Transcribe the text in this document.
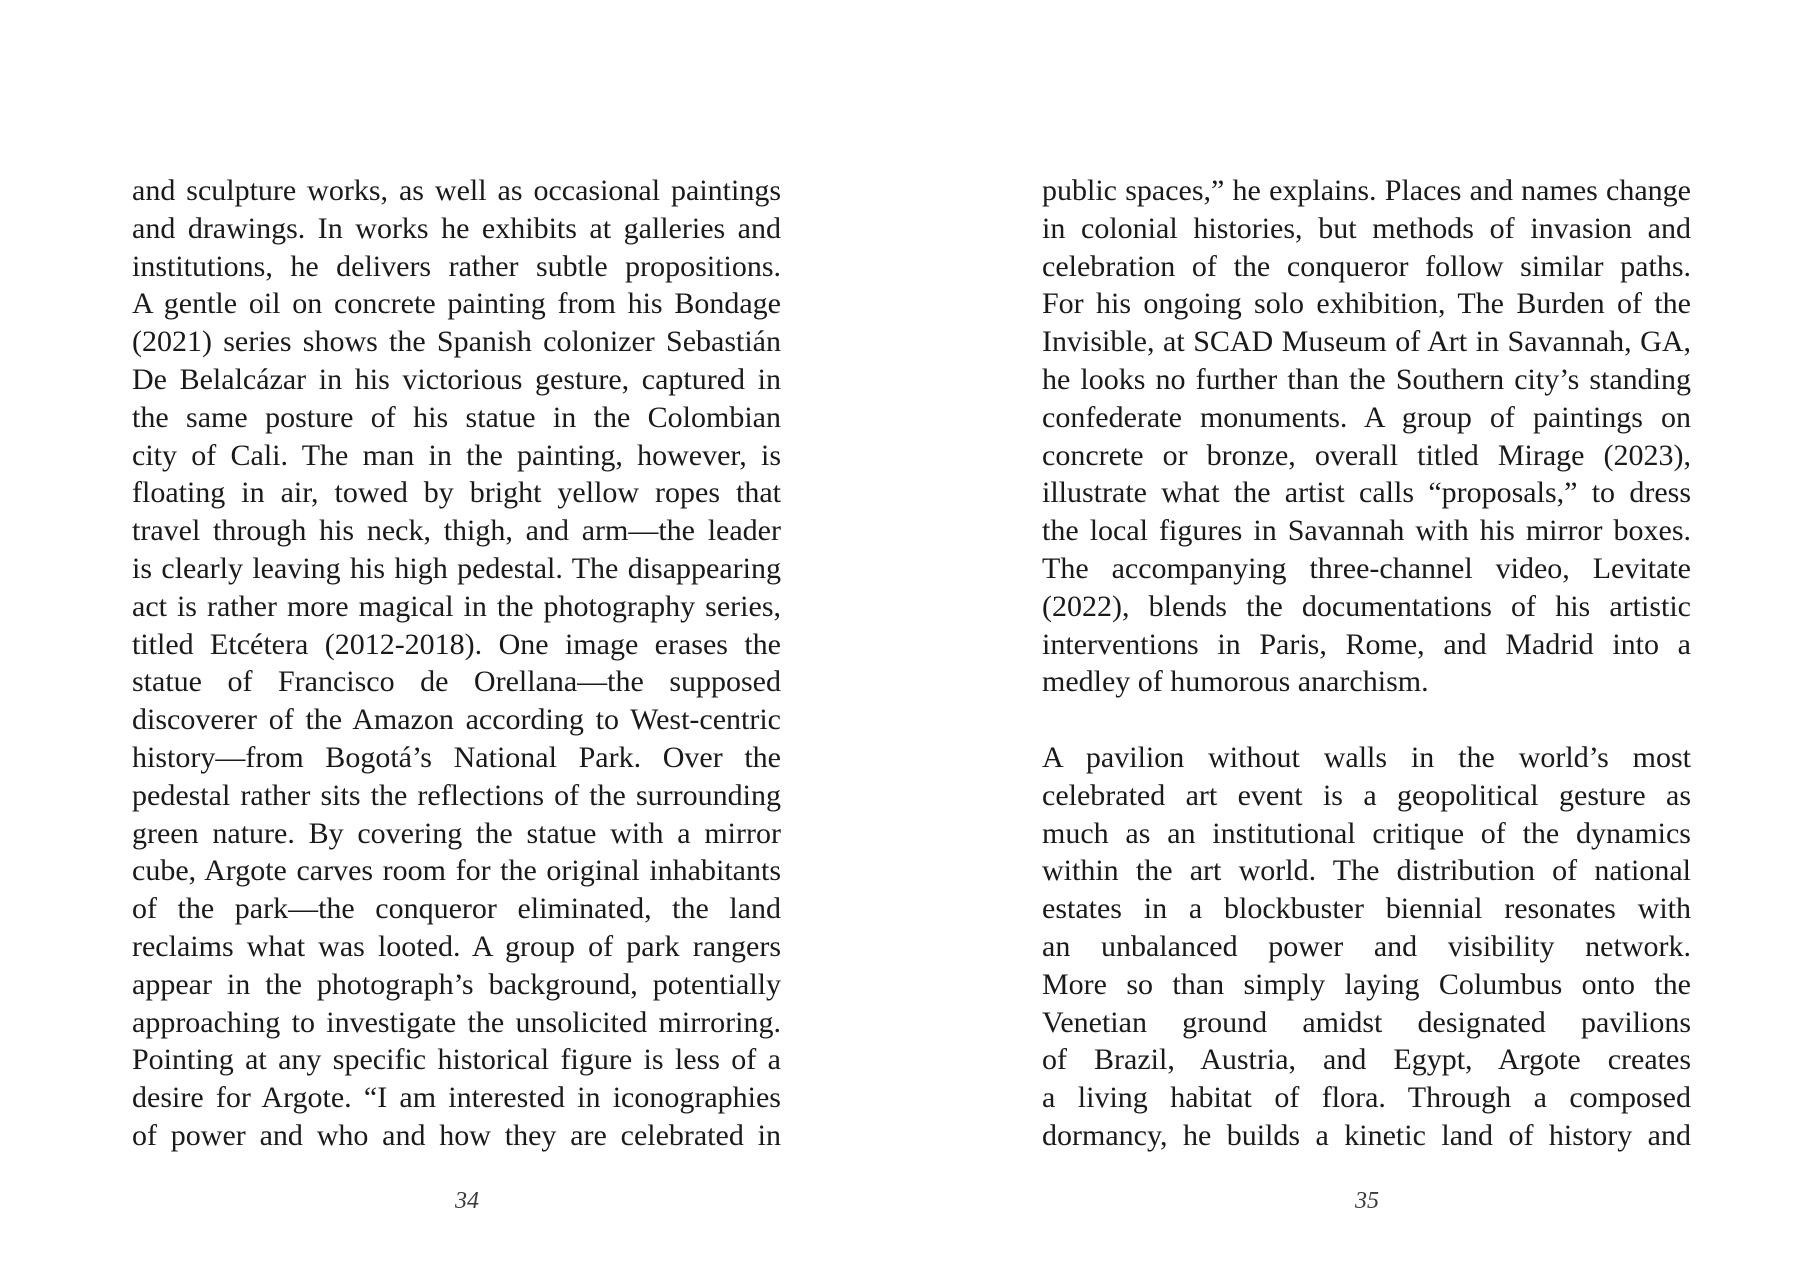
and sculpture works, as well as occasional paintings
and drawings. In works he exhibits at galleries and
institutions, he delivers rather subtle propositions.
A gentle oil on concrete painting from his Bondage
(2021) series shows the Spanish colonizer Sebastián
De Belalcázar in his victorious gesture, captured in
the same posture of his statue in the Colombian
city of Cali. The man in the painting, however, is
floating in air, towed by bright yellow ropes that
travel through his neck, thigh, and arm—the leader
is clearly leaving his high pedestal. The disappearing
act is rather more magical in the photography series,
titled Etcétera (2012-2018). One image erases the
statue of Francisco de Orellana—the supposed
discoverer of the Amazon according to West-centric
history—from Bogotá’s National Park. Over the
pedestal rather sits the reflections of the surrounding
green nature. By covering the statue with a mirror
cube, Argote carves room for the original inhabitants
of the park—the conqueror eliminated, the land
reclaims what was looted. A group of park rangers
appear in the photograph’s background, potentially
approaching to investigate the unsolicited mirroring.
Pointing at any specific historical figure is less of a
desire for Argote. “I am interested in iconographies
of power and who and how they are celebrated in
34
public spaces,” he explains. Places and names change
in colonial histories, but methods of invasion and
celebration of the conqueror follow similar paths.
For his ongoing solo exhibition, The Burden of the
Invisible, at SCAD Museum of Art in Savannah, GA,
he looks no further than the Southern city’s standing
confederate monuments. A group of paintings on
concrete or bronze, overall titled Mirage (2023),
illustrate what the artist calls “proposals,” to dress
the local figures in Savannah with his mirror boxes.
The accompanying three-channel video, Levitate
(2022), blends the documentations of his artistic
interventions in Paris, Rome, and Madrid into a
medley of humorous anarchism.
A pavilion without walls in the world’s most
celebrated art event is a geopolitical gesture as
much as an institutional critique of the dynamics
within the art world. The distribution of national
estates in a blockbuster biennial resonates with
an unbalanced power and visibility network.
More so than simply laying Columbus onto the
Venetian ground amidst designated pavilions
of Brazil, Austria, and Egypt, Argote creates
a living habitat of flora. Through a composed
dormancy, he builds a kinetic land of history and
35
